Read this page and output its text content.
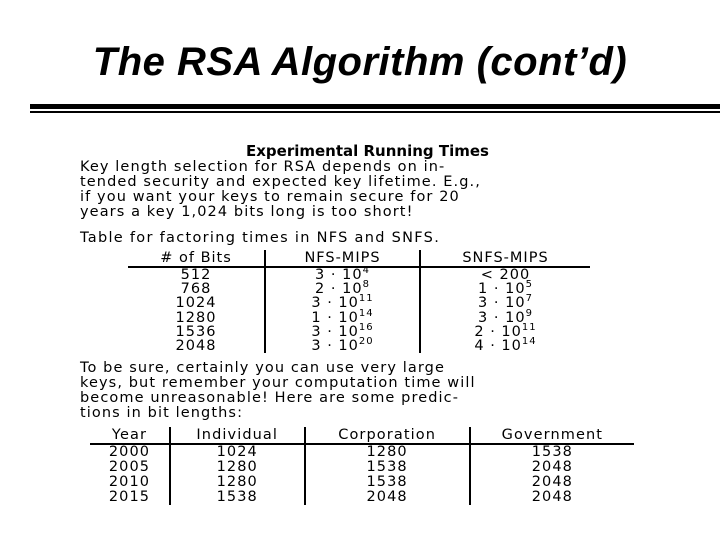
The RSA Algorithm (cont’d)

Experimental Running Times

Key length selection for RSA depends on in-
tended security and expected key lifetime. E.g.,
if you want your keys to remain secure for 20
years a key 1,024 bits long is too short!

Table for factoring times in NFS and SNFS.

# of Bits	NFS-MIPS	SNFS-MIPS
512	$3 \cdot 10^4$	< 200
768	$2 \cdot 10^8$	$1 \cdot 10^5$
1024	$3 \cdot 10^{11}$	$3 \cdot 10^7$
1280	$1 \cdot 10^{14}$	$3 \cdot 10^9$
1536	$3 \cdot 10^{16}$	$2 \cdot 10^{11}$
2048	$3 \cdot 10^{20}$	$4 \cdot 10^{14}$

To be sure, certainly you can use very large
keys, but remember your computation time will
become unreasonable! Here are some predic-
tions in bit lengths:

Year	Individual	Corporation	Government
2000	1024	1280	1538
2005	1280	1538	2048
2010	1280	1538	2048
2015	1538	2048	2048
